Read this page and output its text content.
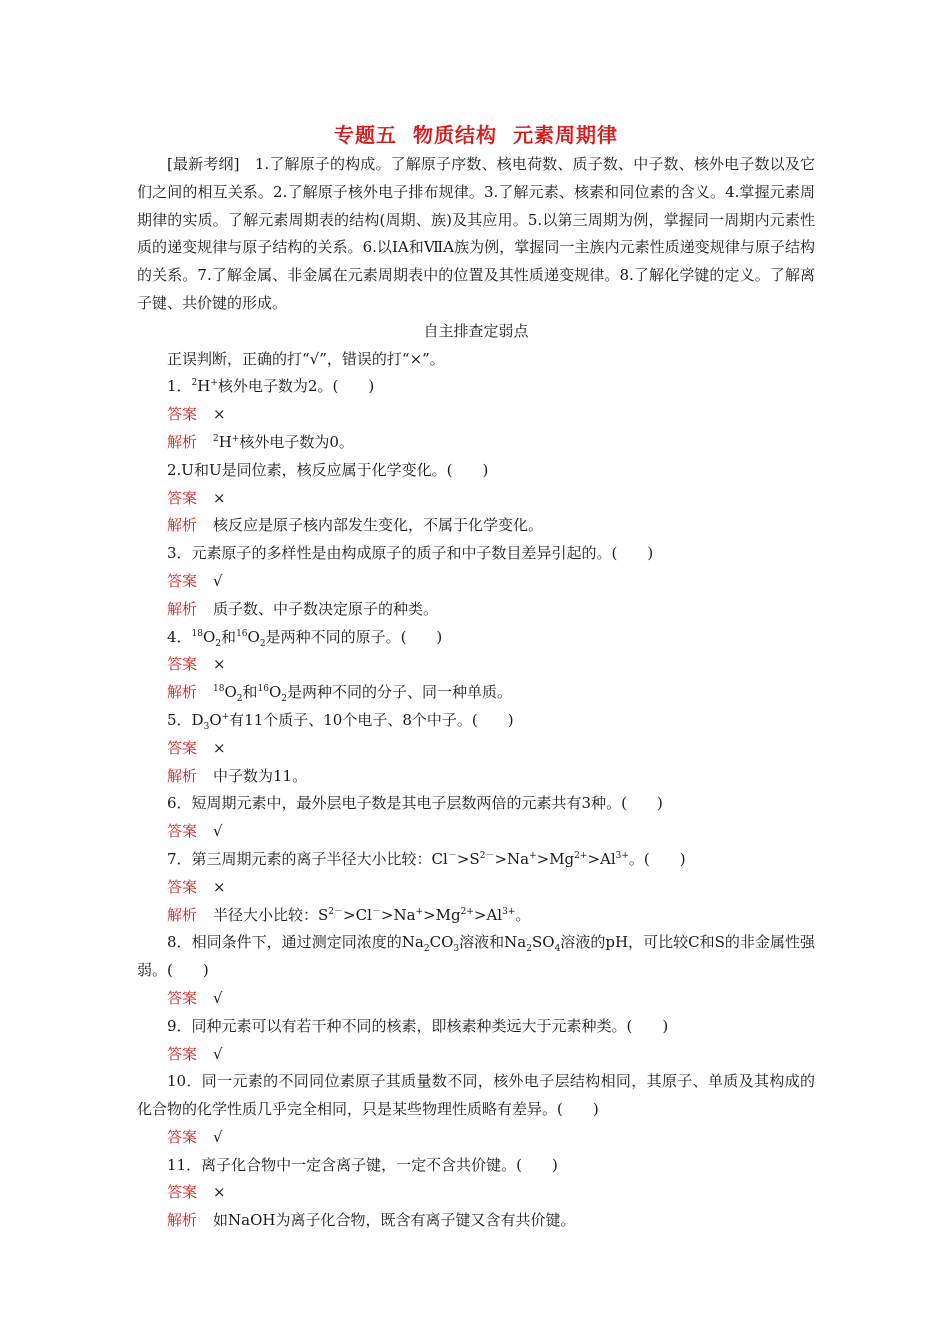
专题五 物质结构 元素周期律
[最新考纲]　1.了解原子的构成。了解原子序数、核电荷数、质子数、中子数、核外电子数以及它们之间的相互关系。2.了解原子核外电子排布规律。3.了解元素、核素和同位素的含义。4.掌握元素周期律的实质。了解元素周期表的结构(周期、族)及其应用。5.以第三周期为例，掌握同一周期内元素性质的递变规律与原子结构的关系。6.以ⅠA和ⅦA族为例，掌握同一主族内元素性质递变规律与原子结构的关系。7.了解金属、非金属在元素周期表中的位置及其性质递变规律。8.了解化学键的定义。了解离子键、共价键的形成。
自主排查定弱点
正误判断，正确的打“√”，错误的打“×”。
1．$^2$H+核外电子数为2。(　　)
答案 ×
解析 $^2$H+核外电子数为0。
2.U和U是同位素，核反应属于化学变化。(　　)
答案 ×
解析 核反应是原子核内部发生变化，不属于化学变化。
3．元素原子的多样性是由构成原子的质子和中子数目差异引起的。(　　)
答案 √
解析 质子数、中子数决定原子的种类。
4．$^{18}O_2$和$^{16}O_2$是两种不同的原子。(　　)
答案 ×
解析 $^{18}O_2$和$^{16}O_2$是两种不同的分子、同一种单质。
5．$D_3O^+$有11个质子、10个电子、8个中子。(　　)
答案 ×
解析 中子数为11。
6．短周期元素中，最外层电子数是其电子层数两倍的元素共有3种。(　　)
答案 √
7．第三周期元素的离子半径大小比较：$Cl^->S^{2-}>Na^+>Mg^{2+}>Al^{3+}$。(　　)
答案 ×
解析 半径大小比较：$S^{2-}>Cl^->Na^+>Mg^{2+}>Al^{3+}$。
8．相同条件下，通过测定同浓度的$Na_2CO_3$溶液和$Na_2SO_4$溶液的pH，可比较C和S的非金属性强弱。(　　)
答案 √
9．同种元素可以有若干种不同的核素，即核素种类远大于元素种类。(　　)
答案 √
10．同一元素的不同同位素原子其质量数不同，核外电子层结构相同，其原子、单质及其构成的化合物的化学性质几乎完全相同，只是某些物理性质略有差异。(　　)
答案 √
11．离子化合物中一定含离子键，一定不含共价键。(　　)
答案 ×
解析 如NaOH为离子化合物，既含有离子键又含有共价键。
